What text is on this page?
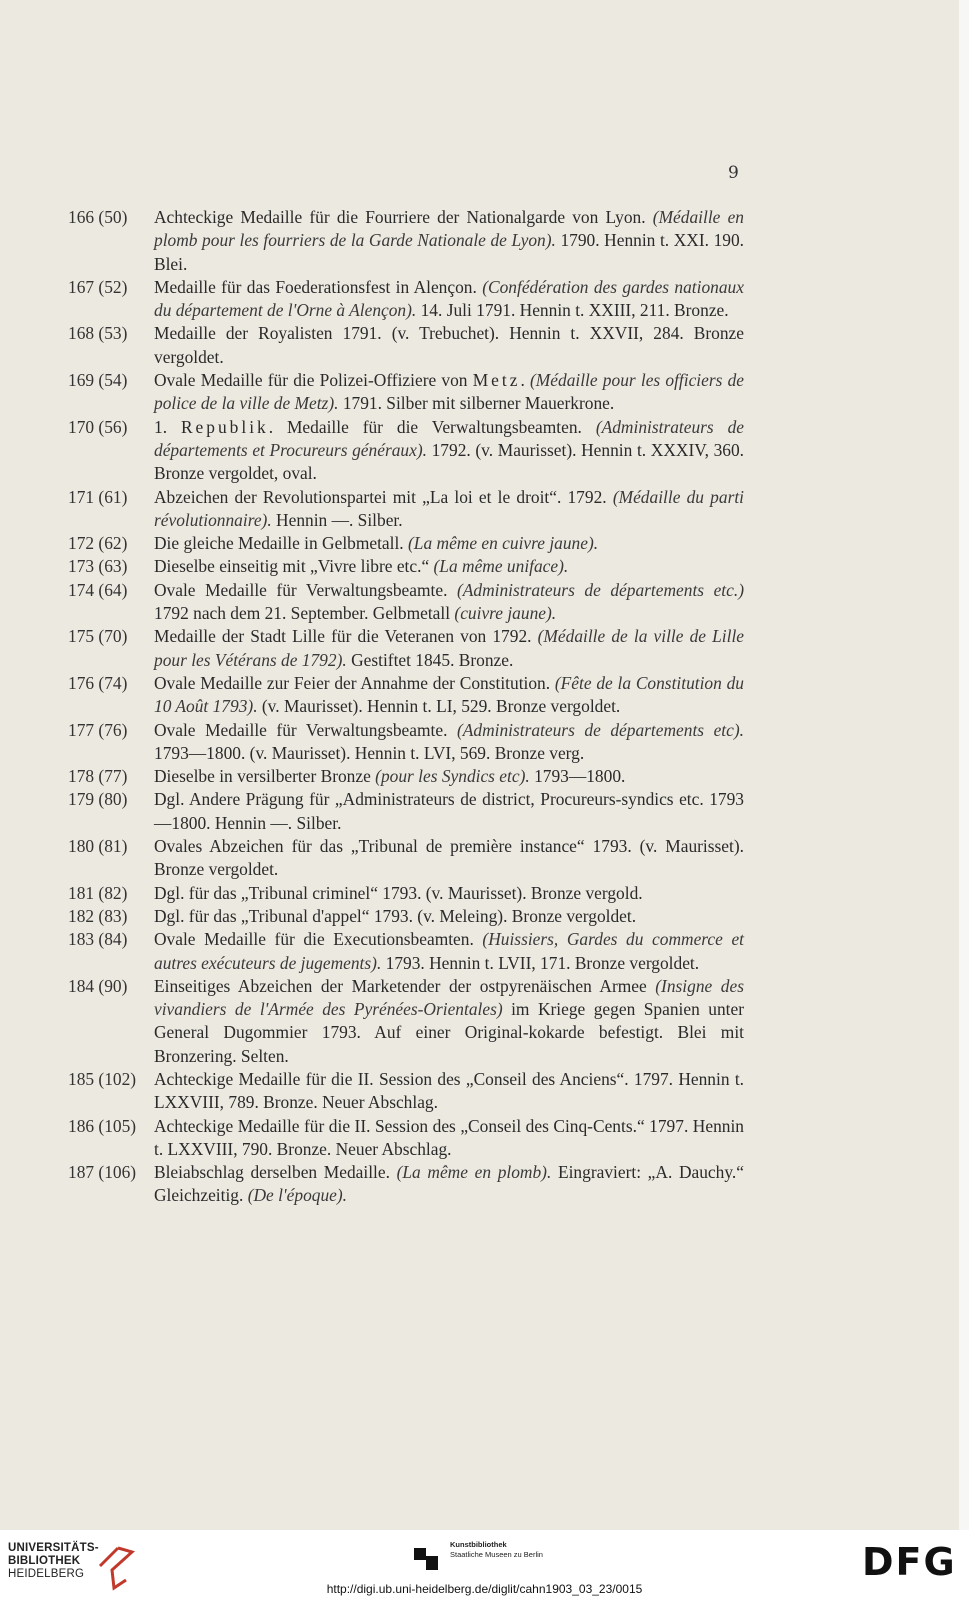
9
166 (50) Achteckige Medaille für die Fourriere der Nationalgarde von Lyon. (Médaille en plomb pour les fourriers de la Garde Nationale de Lyon). 1790. Hennin t. XXI. 190. Blei.
167 (52) Medaille für das Foederationsfest in Alençon. (Confédération des gardes nationaux du département de l'Orne à Alençon). 14. Juli 1791. Hennin t. XXIII, 211. Bronze.
168 (53) Medaille der Royalisten 1791. (v. Trebuchet). Hennin t. XXVII, 284. Bronze vergoldet.
169 (54) Ovale Medaille für die Polizei-Offiziere von Metz. (Médaille pour les officiers de police de la ville de Metz). 1791. Silber mit silberner Mauerkrone.
170 (56) 1. Republik. Medaille für die Verwaltungsbeamten. (Administrateurs de départements et Procureurs généraux). 1792. (v. Maurisset). Hennin t. XXXIV, 360. Bronze vergoldet, oval.
171 (61) Abzeichen der Revolutionspartei mit „La loi et le droit“. 1792. (Médaille du parti révolutionnaire). Hennin —. Silber.
172 (62) Die gleiche Medaille in Gelbmetall. (La même en cuivre jaune).
173 (63) Dieselbe einseitig mit „Vivre libre etc.“ (La même uniface).
174 (64) Ovale Medaille für Verwaltungsbeamte. (Administrateurs de départements etc.) 1792 nach dem 21. September. Gelbmetall (cuivre jaune).
175 (70) Medaille der Stadt Lille für die Veteranen von 1792. (Médaille de la ville de Lille pour les Vétérans de 1792). Gestiftet 1845. Bronze.
176 (74) Ovale Medaille zur Feier der Annahme der Constitution. (Fête de la Constitution du 10 Août 1793). (v. Maurisset). Hennin t. LI, 529. Bronze vergoldet.
177 (76) Ovale Medaille für Verwaltungsbeamte. (Administrateurs de départements etc). 1793—1800. (v. Maurisset). Hennin t. LVI, 569. Bronze verg.
178 (77) Dieselbe in versilberter Bronze (pour les Syndics etc). 1793—1800.
179 (80) Dgl. Andere Prägung für „Administrateurs de district, Procureurs-syndics etc. 1793—1800. Hennin —. Silber.
180 (81) Ovales Abzeichen für das „Tribunal de première instance“ 1793. (v. Maurisset). Bronze vergoldet.
181 (82) Dgl. für das „Tribunal criminel“ 1793. (v. Maurisset). Bronze vergold.
182 (83) Dgl. für das „Tribunal d'appel“ 1793. (v. Meleing). Bronze vergoldet.
183 (84) Ovale Medaille für die Executionsbeamten. (Huissiers, Gardes du commerce et autres exécuteurs de jugements). 1793. Hennin t. LVII, 171. Bronze vergoldet.
184 (90) Einseitiges Abzeichen der Marketender der ostpyrenäischen Armee (Insigne des vivandiers de l'Armée des Pyrénées-Orientales) im Kriege gegen Spanien unter General Dugommier 1793. Auf einer Original-kokarde befestigt. Blei mit Bronzering. Selten.
185 (102) Achteckige Medaille für die II. Session des „Conseil des Anciens“. 1797. Hennin t. LXXVIII, 789. Bronze. Neuer Abschlag.
186 (105) Achteckige Medaille für die II. Session des „Conseil des Cinq-Cents.“ 1797. Hennin t. LXXVIII, 790. Bronze. Neuer Abschlag.
187 (106) Bleiabschlag derselben Medaille. (La même en plomb). Eingraviert: „A. Dauchy.“ Gleichzeitig. (De l'époque).
UNIVERSITÄTS-
BIBLIOTHEK
HEIDELBERG
Kunstbibliothek
Staatliche Museen zu Berlin	DFG
http://digi.ub.uni-heidelberg.de/diglit/cahn1903_03_23/0015
